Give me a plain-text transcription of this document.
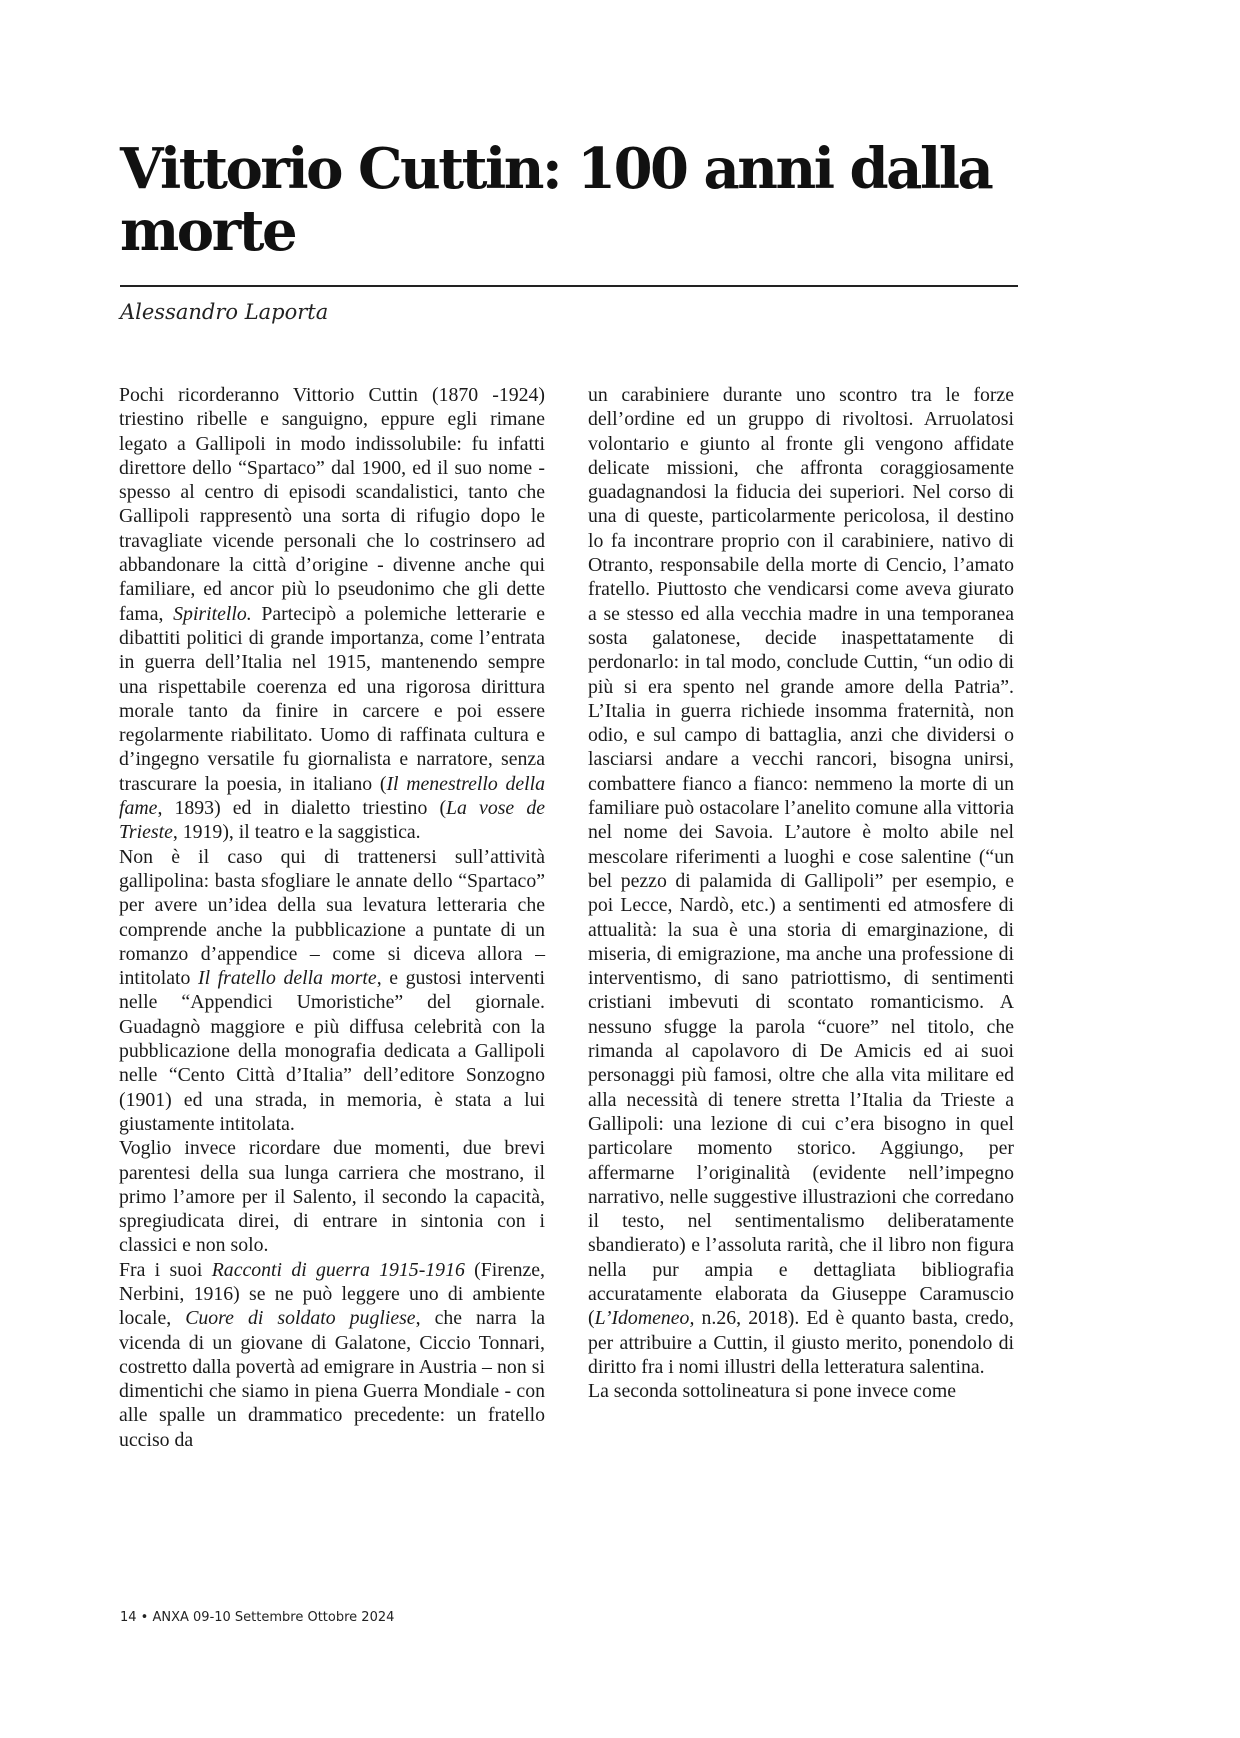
Vittorio Cuttin: 100 anni dalla morte

Alessandro Laporta

Pochi ricorderanno Vittorio Cuttin (1870 -1924) triestino ribelle e sanguigno, eppure egli rimane legato a Gallipoli in modo indissolubile: fu infatti direttore dello “Spartaco” dal 1900, ed il suo nome - spesso al centro di episodi scandalistici, tanto che Gallipoli rappresentò una sorta di rifugio dopo le travagliate vicende personali che lo costrinsero ad abbandonare la città d’origine - divenne anche qui familiare, ed ancor più lo pseudonimo che gli dette fama, Spiritello. Partecipò a polemiche letterarie e dibattiti politici di grande importanza, come l’entrata in guerra dell’Italia nel 1915, mantenendo sempre una rispettabile coerenza ed una rigorosa dirittura morale tanto da finire in carcere e poi essere regolarmente riabilitato. Uomo di raffinata cultura e d’ingegno versatile fu giornalista e narratore, senza trascurare la poesia, in italiano (Il menestrello della fame, 1893) ed in dialetto triestino (La vose de Trieste, 1919), il teatro e la saggistica.

Non è il caso qui di trattenersi sull’attività gallipolina: basta sfogliare le annate dello “Spartaco” per avere un’idea della sua levatura letteraria che comprende anche la pubblicazione a puntate di un romanzo d’appendice – come si diceva allora – intitolato Il fratello della morte, e gustosi interventi nelle “Appendici Umoristiche” del giornale. Guadagnò maggiore e più diffusa celebrità con la pubblicazione della monografia dedicata a Gallipoli nelle “Cento Città d’Italia” dell’editore Sonzogno (1901) ed una strada, in memoria, è stata a lui giustamente intitolata.

Voglio invece ricordare due momenti, due brevi parentesi della sua lunga carriera che mostrano, il primo l’amore per il Salento, il secondo la capacità, spregiudicata direi, di entrare in sintonia con i classici e non solo.

Fra i suoi Racconti di guerra 1915-1916 (Firenze, Nerbini, 1916) se ne può leggere uno di ambiente locale, Cuore di soldato pugliese, che narra la vicenda di un giovane di Galatone, Ciccio Tonnari, costretto dalla povertà ad emigrare in Austria – non si dimentichi che siamo in piena Guerra Mondiale - con alle spalle un drammatico precedente: un fratello ucciso da

un carabiniere durante uno scontro tra le forze dell’ordine ed un gruppo di rivoltosi. Arruolatosi volontario e giunto al fronte gli vengono affidate delicate missioni, che affronta coraggiosamente guadagnandosi la fiducia dei superiori. Nel corso di una di queste, particolarmente pericolosa, il destino lo fa incontrare proprio con il carabiniere, nativo di Otranto, responsabile della morte di Cencio, l’amato fratello. Piuttosto che vendicarsi come aveva giurato a se stesso ed alla vecchia madre in una temporanea sosta galatonese, decide inaspettatamente di perdonarlo: in tal modo, conclude Cuttin, “un odio di più si era spento nel grande amore della Patria”. L’Italia in guerra richiede insomma fraternità, non odio, e sul campo di battaglia, anzi che dividersi o lasciarsi andare a vecchi rancori, bisogna unirsi, combattere fianco a fianco: nemmeno la morte di un familiare può ostacolare l’anelito comune alla vittoria nel nome dei Savoia. L’autore è molto abile nel mescolare riferimenti a luoghi e cose salentine (“un bel pezzo di palamida di Gallipoli” per esempio, e poi Lecce, Nardò, etc.) a sentimenti ed atmosfere di attualità: la sua è una storia di emarginazione, di miseria, di emigrazione, ma anche una professione di interventismo, di sano patriottismo, di sentimenti cristiani imbevuti di scontato romanticismo. A nessuno sfugge la parola “cuore” nel titolo, che rimanda al capolavoro di De Amicis ed ai suoi personaggi più famosi, oltre che alla vita militare ed alla necessità di tenere stretta l’Italia da Trieste a Gallipoli: una lezione di cui c’era bisogno in quel particolare momento storico. Aggiungo, per affermarne l’originalità (evidente nell’impegno narrativo, nelle suggestive illustrazioni che corredano il testo, nel sentimentalismo deliberatamente sbandierato) e l’assoluta rarità, che il libro non figura nella pur ampia e dettagliata bibliografia accuratamente elaborata da Giuseppe Caramuscio (L’Idomeneo, n.26, 2018). Ed è quanto basta, credo, per attribuire a Cuttin, il giusto merito, ponendolo di diritto fra i nomi illustri della letteratura salentina.

La seconda sottolineatura si pone invece come

14 • ANXA 09-10 Settembre Ottobre 2024
